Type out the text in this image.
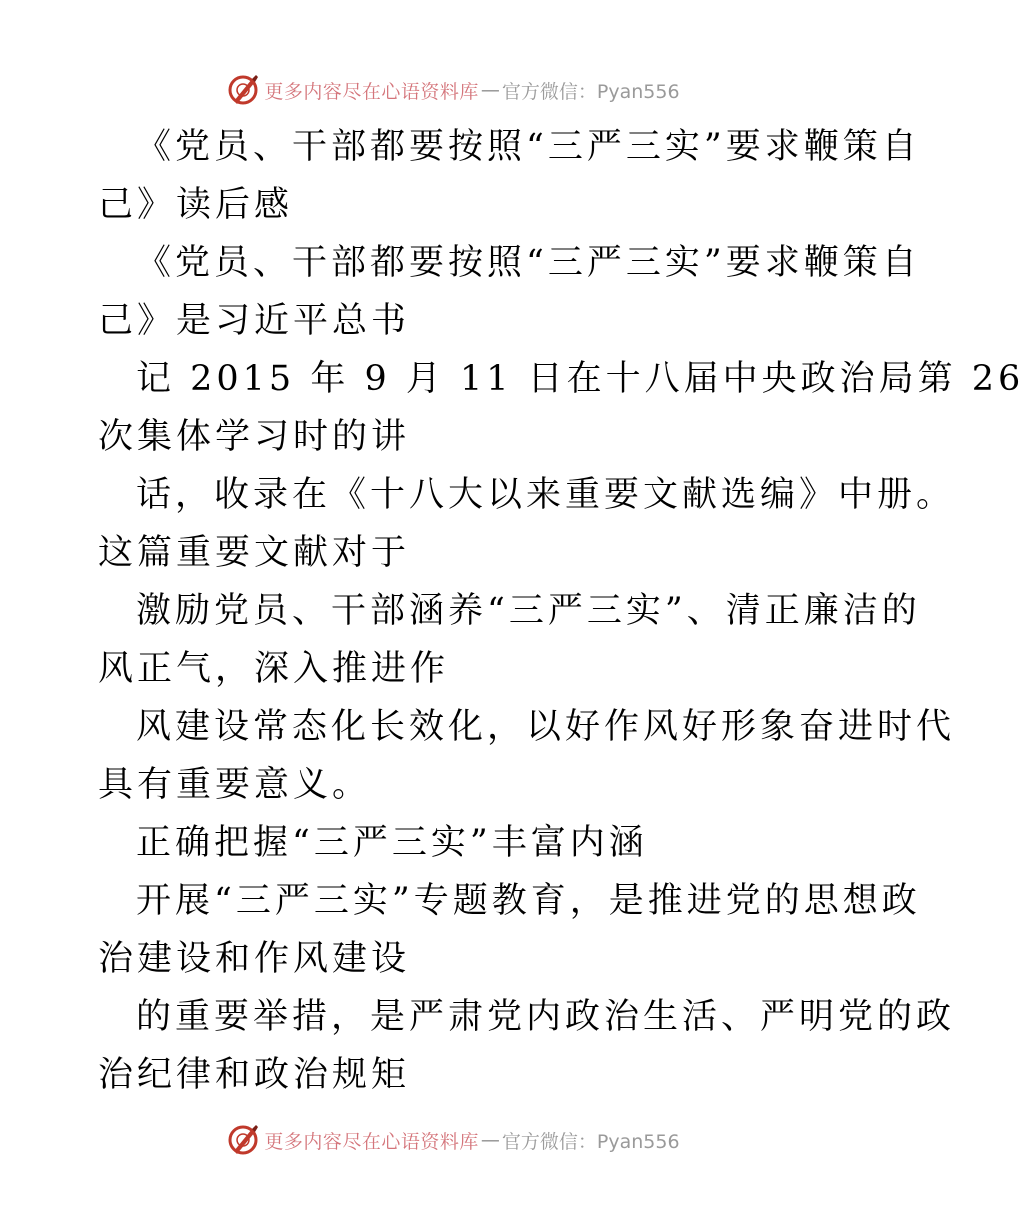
更多内容尽在心语资料库 — 官方微信：Pyan556
《党员、干部都要按照“三严三实”要求鞭策自
己》读后感
《党员、干部都要按照“三严三实”要求鞭策自
己》是习近平总书
记 2015 年 9 月 11 日在十八届中央政治局第 26
次集体学习时的讲
话，收录在《十八大以来重要文献选编》中册。
这篇重要文献对于
激励党员、干部涵养“三严三实”、清正廉洁的
风正气，深入推进作
风建设常态化长效化，以好作风好形象奋进时代
具有重要意义。
正确把握“三严三实”丰富内涵
开展“三严三实”专题教育，是推进党的思想政
治建设和作风建设
的重要举措，是严肃党内政治生活、严明党的政
治纪律和政治规矩
更多内容尽在心语资料库 — 官方微信：Pyan556
